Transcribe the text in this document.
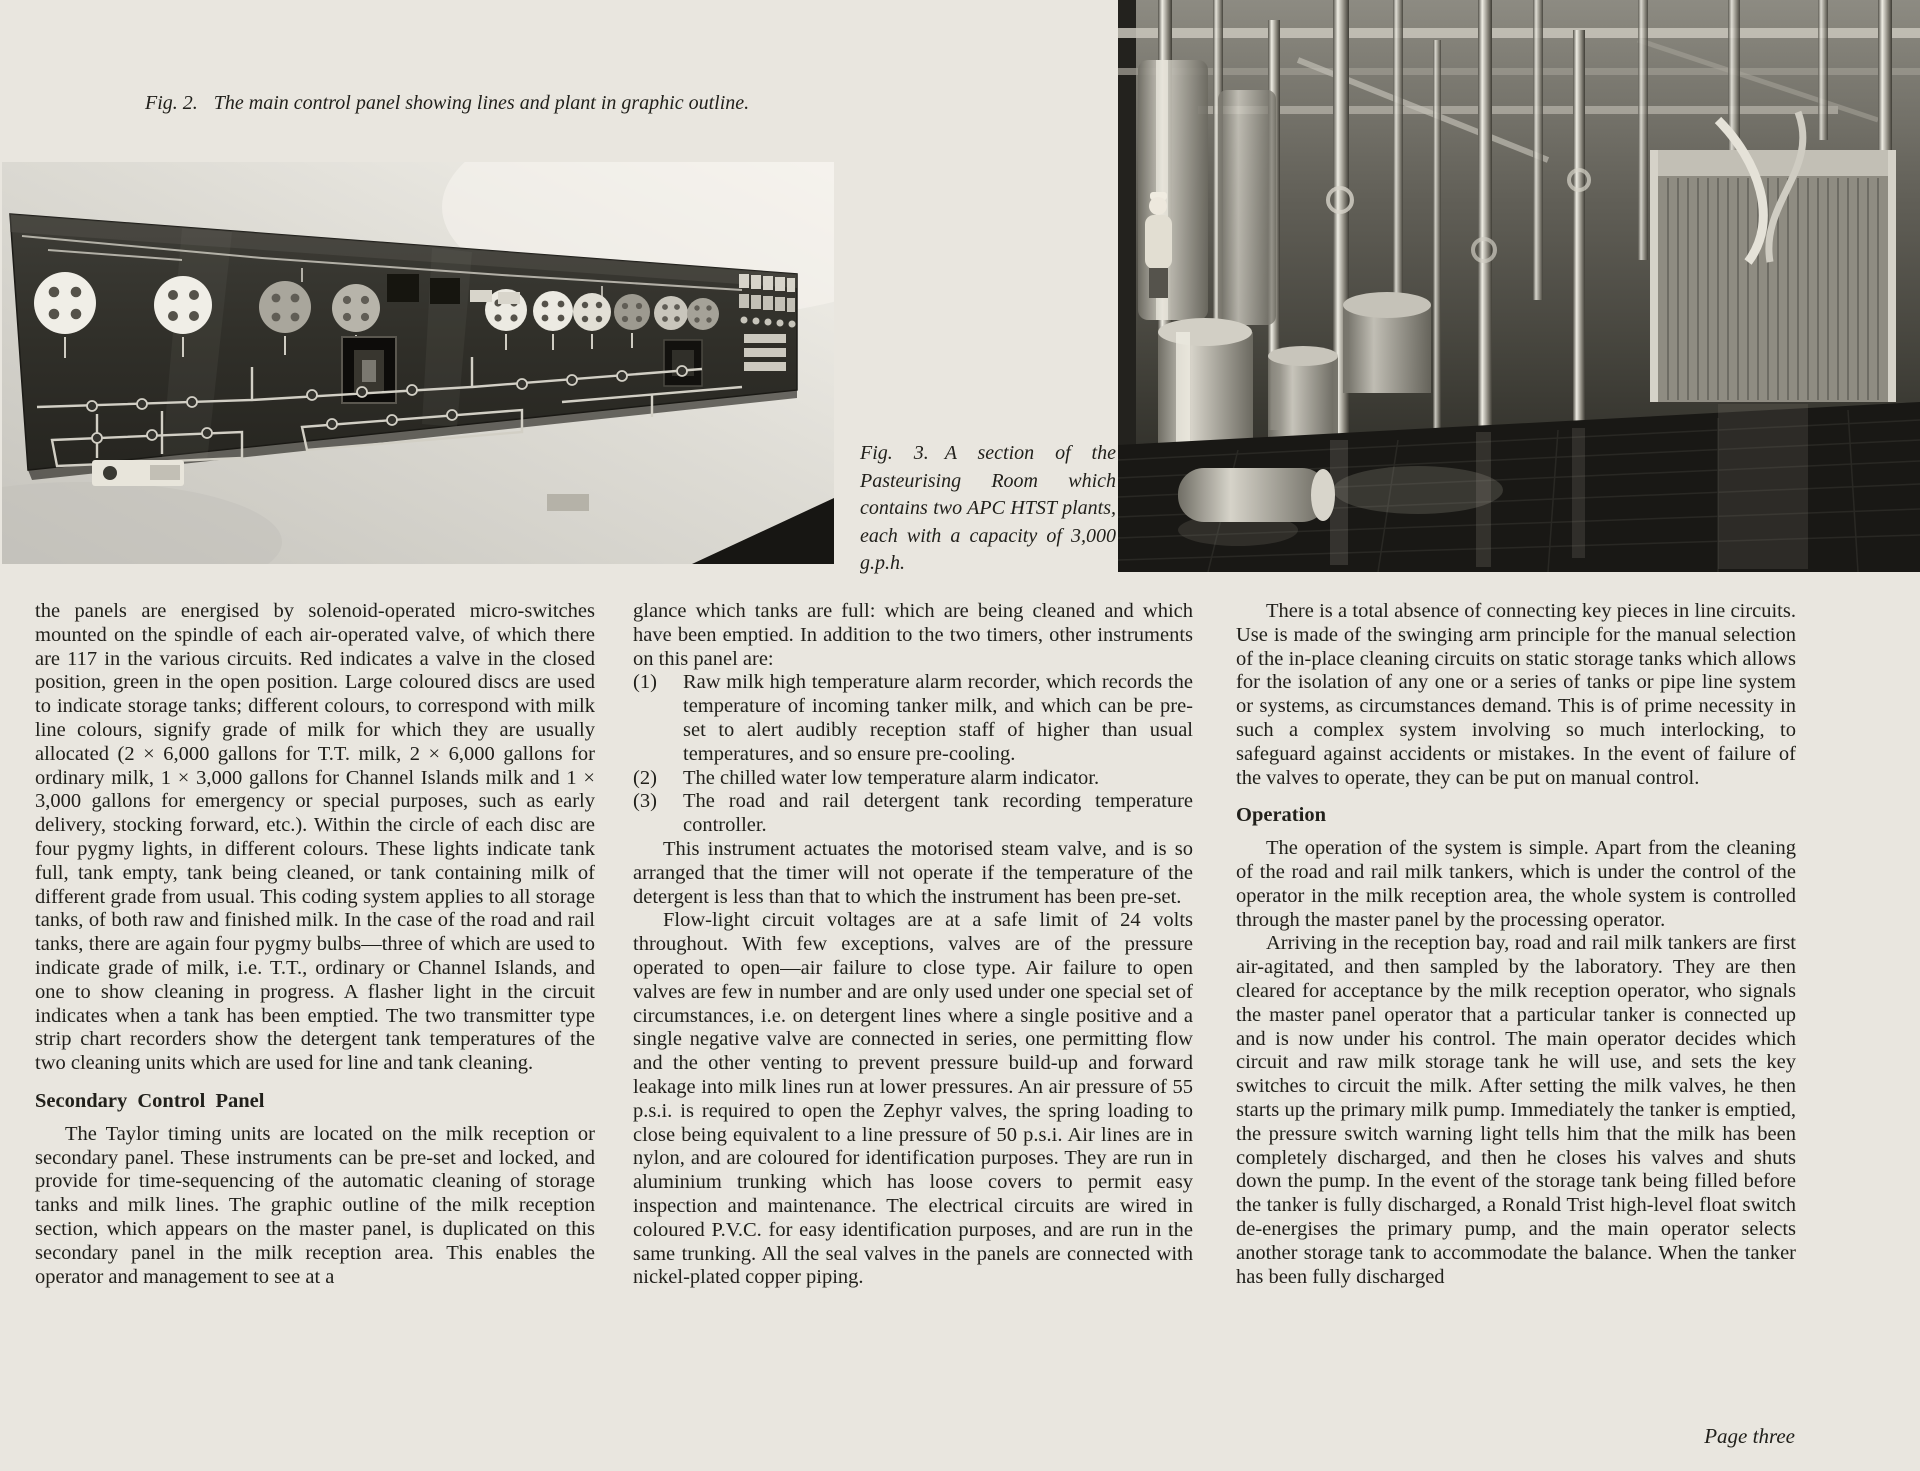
Fig. 2. The main control panel showing lines and plant in graphic outline.
Fig. 3. A section of the Pasteurising Room which contains two APC HTST plants, each with a capacity of 3,000 g.p.h.

the panels are energised by solenoid-operated micro-switches mounted on the spindle of each air-operated valve, of which there are 117 in the various circuits. Red indicates a valve in the closed position, green in the open position. Large coloured discs are used to indicate storage tanks; different colours, to correspond with milk line colours, signify grade of milk for which they are usually allocated (2 × 6,000 gallons for T.T. milk, 2 × 6,000 gallons for ordinary milk, 1 × 3,000 gallons for Channel Islands milk and 1 × 3,000 gallons for emergency or special purposes, such as early delivery, stocking forward, etc.). Within the circle of each disc are four pygmy lights, in different colours. These lights indicate tank full, tank empty, tank being cleaned, or tank containing milk of different grade from usual. This coding system applies to all storage tanks, of both raw and finished milk. In the case of the road and rail tanks, there are again four pygmy bulbs—three of which are used to indicate grade of milk, i.e. T.T., ordinary or Channel Islands, and one to show cleaning in progress. A flasher light in the circuit indicates when a tank has been emptied. The two transmitter type strip chart recorders show the detergent tank temperatures of the two cleaning units which are used for line and tank cleaning.

Secondary Control Panel

The Taylor timing units are located on the milk reception or secondary panel. These instruments can be pre-set and locked, and provide for time-sequencing of the automatic cleaning of storage tanks and milk lines. The graphic outline of the milk reception section, which appears on the master panel, is duplicated on this secondary panel in the milk reception area. This enables the operator and management to see at a

glance which tanks are full: which are being cleaned and which have been emptied. In addition to the two timers, other instruments on this panel are:

(1)	Raw milk high temperature alarm recorder, which records the temperature of incoming tanker milk, and which can be pre-set to alert audibly reception staff of higher than usual temperatures, and so ensure pre-cooling.
(2)	The chilled water low temperature alarm indicator.
(3)	The road and rail detergent tank recording temperature controller.

This instrument actuates the motorised steam valve, and is so arranged that the timer will not operate if the temperature of the detergent is less than that to which the instrument has been pre-set.

Flow-light circuit voltages are at a safe limit of 24 volts throughout. With few exceptions, valves are of the pressure operated to open—air failure to close type. Air failure to open valves are few in number and are only used under one special set of circumstances, i.e. on detergent lines where a single positive and a single negative valve are connected in series, one permitting flow and the other venting to prevent pressure build-up and forward leakage into milk lines run at lower pressures. An air pressure of 55 p.s.i. is required to open the Zephyr valves, the spring loading to close being equivalent to a line pressure of 50 p.s.i. Air lines are in nylon, and are coloured for identification purposes. They are run in aluminium trunking which has loose covers to permit easy inspection and maintenance. The electrical circuits are wired in coloured P.V.C. for easy identification purposes, and are run in the same trunking. All the seal valves in the panels are connected with nickel-plated copper piping.

There is a total absence of connecting key pieces in line circuits. Use is made of the swinging arm principle for the manual selection of the in-place cleaning circuits on static storage tanks which allows for the isolation of any one or a series of tanks or pipe line system or systems, as circumstances demand. This is of prime necessity in such a complex system involving so much interlocking, to safeguard against accidents or mistakes. In the event of failure of the valves to operate, they can be put on manual control.

Operation

The operation of the system is simple. Apart from the cleaning of the road and rail milk tankers, which is under the control of the operator in the milk reception area, the whole system is controlled through the master panel by the processing operator.

Arriving in the reception bay, road and rail milk tankers are first air-agitated, and then sampled by the laboratory. They are then cleared for acceptance by the milk reception operator, who signals the master panel operator that a particular tanker is connected up and is now under his control. The main operator decides which circuit and raw milk storage tank he will use, and sets the key switches to circuit the milk. After setting the milk valves, he then starts up the primary milk pump. Immediately the tanker is emptied, the pressure switch warning light tells him that the milk has been completely discharged, and then he closes his valves and shuts down the pump. In the event of the storage tank being filled before the tanker is fully discharged, a Ronald Trist high-level float switch de-energises the primary pump, and the main operator selects another storage tank to accommodate the balance. When the tanker has been fully discharged

Page three
